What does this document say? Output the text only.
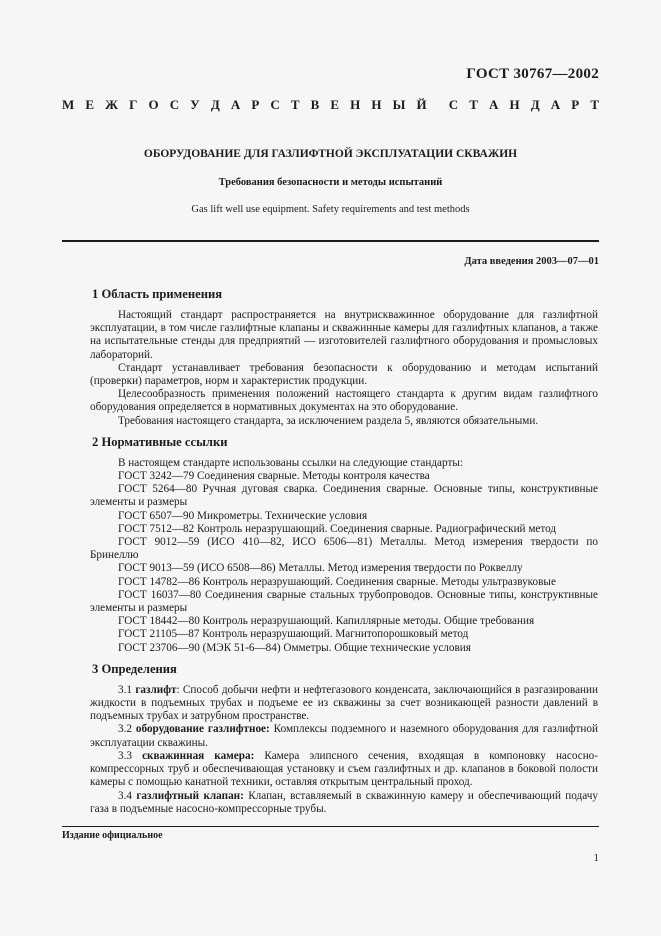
ГОСТ 30767—2002
М Е Ж Г О С У Д А Р С Т В Е Н Н Ы Й С Т А Н Д А Р Т
ОБОРУДОВАНИЕ ДЛЯ ГАЗЛИФТНОЙ ЭКСПЛУАТАЦИИ СКВАЖИН
Требования безопасности и методы испытаний
Gas lift well use equipment. Safety requirements and test methods
Дата введения 2003—07—01
1 Область применения

Настоящий стандарт распространяется на внутрискважинное оборудование для газлифтной эксплуатации, в том числе газлифтные клапаны и скважинные камеры для газлифтных клапанов, а также на испытательные стенды для предприятий — изготовителей газлифтного оборудования и промысловых лабораторий.

Стандарт устанавливает требования безопасности к оборудованию и методам испытаний (проверки) параметров, норм и характеристик продукции.

Целесообразность применения положений настоящего стандарта к другим видам газлифтного оборудования определяется в нормативных документах на это оборудование.

Требования настоящего стандарта, за исключением раздела 5, являются обязательными.

2 Нормативные ссылки

В настоящем стандарте использованы ссылки на следующие стандарты:

ГОСТ 3242—79 Соединения сварные. Методы контроля качества
ГОСТ 5264—80 Ручная дуговая сварка. Соединения сварные. Основные типы, конструктивные элементы и размеры
ГОСТ 6507—90 Микрометры. Технические условия
ГОСТ 7512—82 Контроль неразрушающий. Соединения сварные. Радиографический метод
ГОСТ 9012—59 (ИСО 410—82, ИСО 6506—81) Металлы. Метод измерения твердости по Бринеллю
ГОСТ 9013—59 (ИСО 6508—86) Металлы. Метод измерения твердости по Роквеллу
ГОСТ 14782—86 Контроль неразрушающий. Соединения сварные. Методы ультразвуковые
ГОСТ 16037—80 Соединения сварные стальных трубопроводов. Основные типы, конструктивные элементы и размеры
ГОСТ 18442—80 Контроль неразрушающий. Капиллярные методы. Общие требования
ГОСТ 21105—87 Контроль неразрушающий. Магнитопорошковый метод
ГОСТ 23706—90 (МЭК 51-6—84) Омметры. Общие технические условия
3 Определения

3.1 газлифт: Способ добычи нефти и нефтегазового конденсата, заключающийся в разгазировании жидкости в подъемных трубах и подъеме ее из скважины за счет возникающей разности давлений в подъемных трубах и затрубном пространстве.

3.2 оборудование газлифтное: Комплексы подземного и наземного оборудования для газлифтной эксплуатации скважины.

3.3 скважинная камера: Камера элипсного сечения, входящая в компоновку насосно-компрессорных труб и обеспечивающая установку и съем газлифтных и др. клапанов в боковой полости камеры с помощью канатной техники, оставляя открытым центральный проход.

3.4 газлифтный клапан: Клапан, вставляемый в скважинную камеру и обеспечивающий подачу газа в подъемные насосно-компрессорные трубы.

Издание официальное
1
